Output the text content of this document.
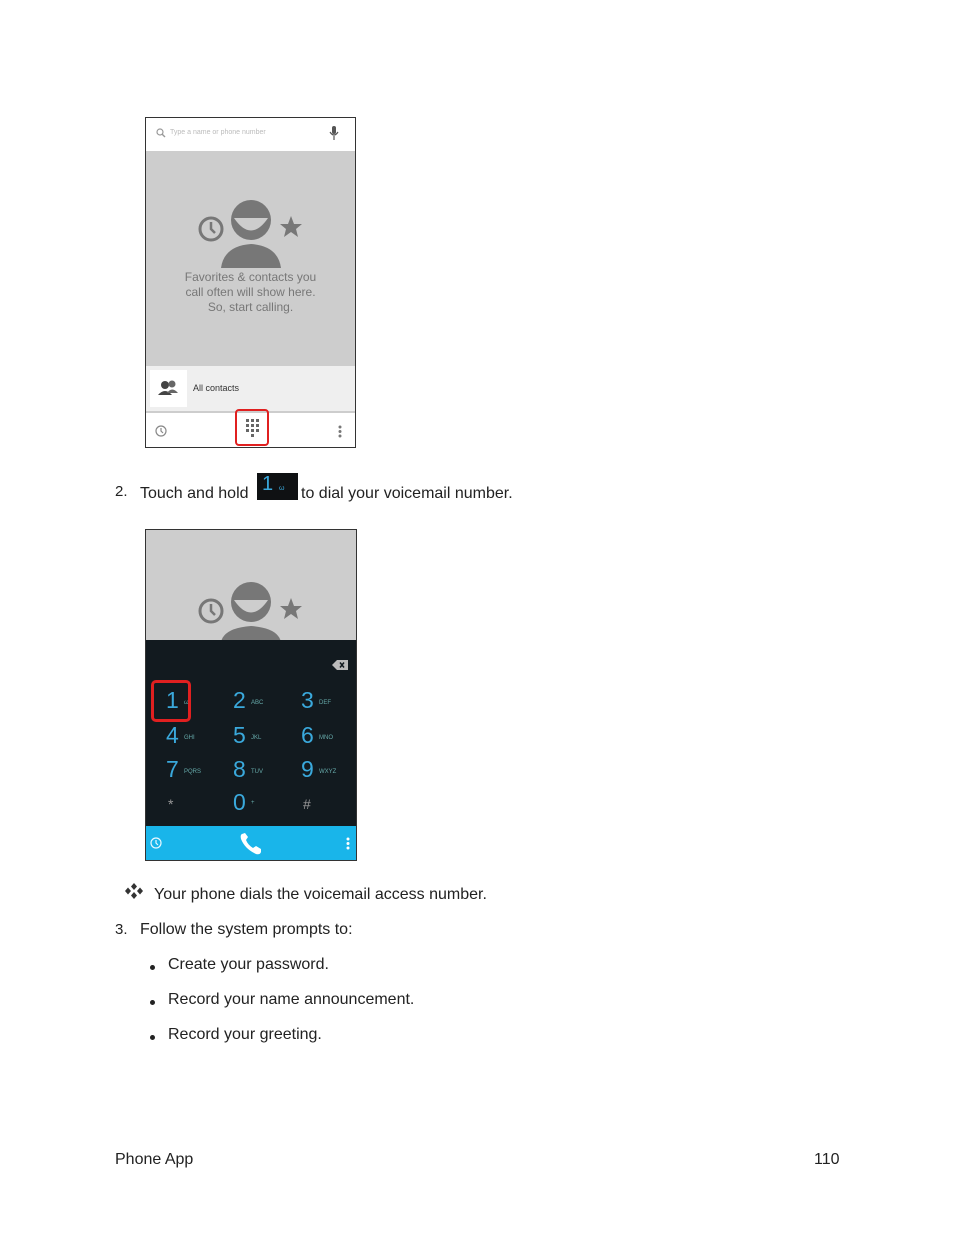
Type a name or phone number
Favorites & contacts you
call often will show here.
So, start calling.
All contacts
2. Touch and hold 1 ω to dial your voicemail number.
1 ω 2 ABC 3 DEF
4 GHI 5 JKL 6 MNO
7 PQRS 8 TUV 9 WXYZ
*	0 +	#
Your phone dials the voicemail access number.
3. Follow the system prompts to:
Create your password.
Record your name announcement.
Record your greeting.
Phone App	110
